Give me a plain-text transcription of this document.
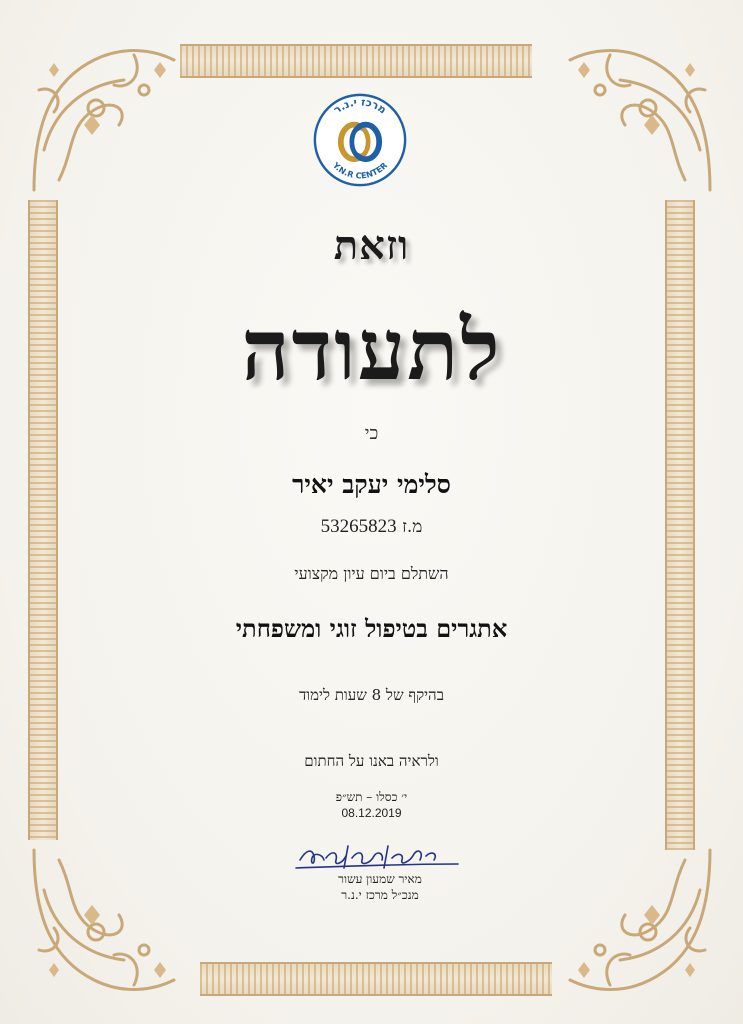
מרכז י.נ.ר
Y.N.R CENTER
וזאת
לתעודה
כי
סלימי יעקב יאיר
מ.ז 53265823
השתלם ביום עיון מקצועי
אתגרים בטיפול זוגי ומשפחתי
בהיקף של 8 שעות לימוד
ולראיה באנו על החתום
י׳ כסלו – תש״פ
08.12.2019
מאיר שמעון עשור
מנכ״ל מרכז י.נ.ר
